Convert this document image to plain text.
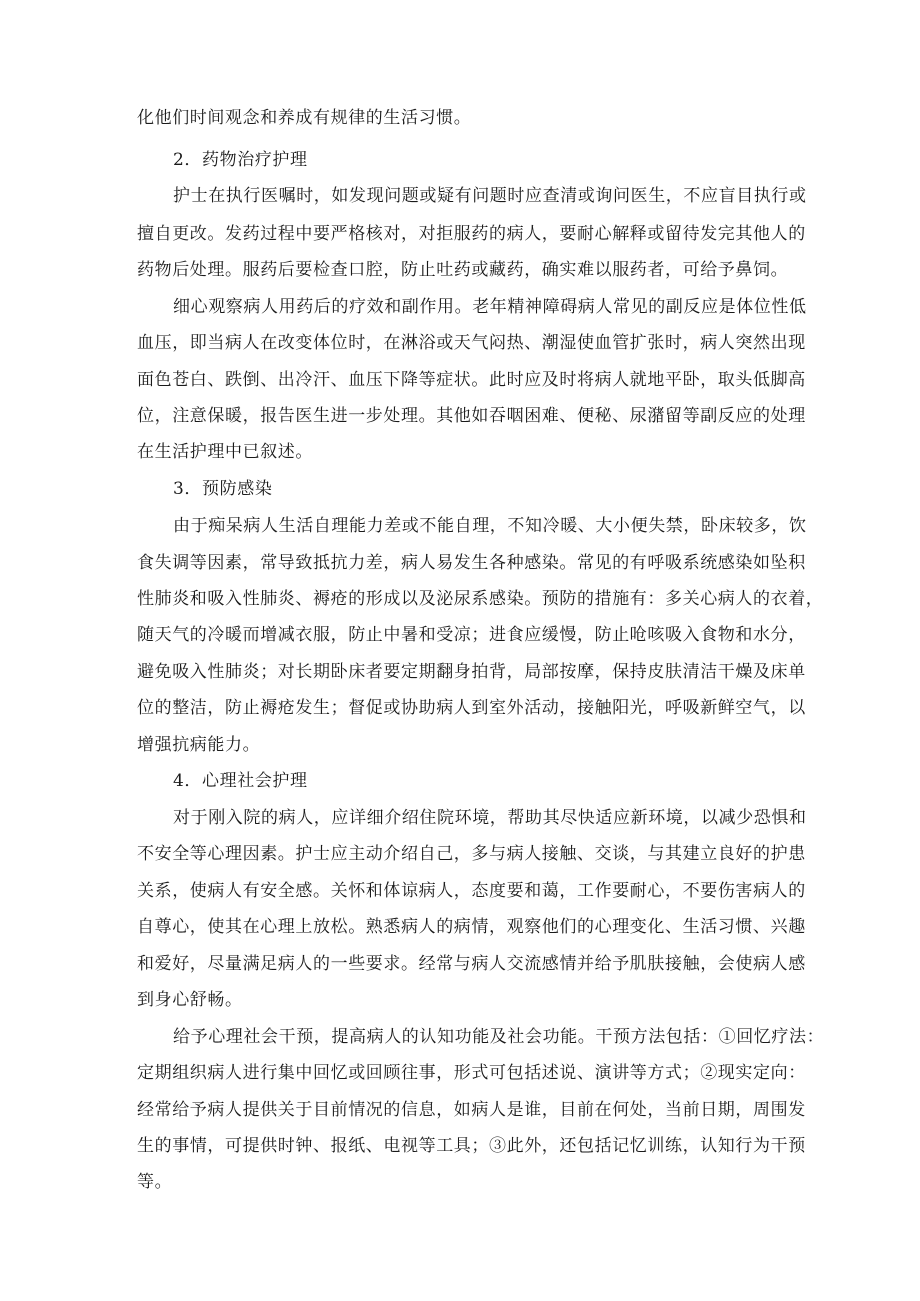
化他们时间观念和养成有规律的生活习惯。
2．药物治疗护理
护士在执行医嘱时，如发现问题或疑有问题时应查清或询问医生，不应盲目执行或
擅自更改。发药过程中要严格核对，对拒服药的病人，要耐心解释或留待发完其他人的
药物后处理。服药后要检查口腔，防止吐药或藏药，确实难以服药者，可给予鼻饲。
细心观察病人用药后的疗效和副作用。老年精神障碍病人常见的副反应是体位性低
血压，即当病人在改变体位时，在淋浴或天气闷热、潮湿使血管扩张时，病人突然出现
面色苍白、跌倒、出冷汗、血压下降等症状。此时应及时将病人就地平卧，取头低脚高
位，注意保暖，报告医生进一步处理。其他如吞咽困难、便秘、尿潴留等副反应的处理
在生活护理中已叙述。
3．预防感染
由于痴呆病人生活自理能力差或不能自理，不知冷暖、大小便失禁，卧床较多，饮
食失调等因素，常导致抵抗力差，病人易发生各种感染。常见的有呼吸系统感染如坠积
性肺炎和吸入性肺炎、褥疮的形成以及泌尿系感染。预防的措施有：多关心病人的衣着，
随天气的冷暖而增减衣服，防止中暑和受凉；进食应缓慢，防止呛咳吸入食物和水分，
避免吸入性肺炎；对长期卧床者要定期翻身拍背，局部按摩，保持皮肤清洁干燥及床单
位的整洁，防止褥疮发生；督促或协助病人到室外活动，接触阳光，呼吸新鲜空气，以
增强抗病能力。
4．心理社会护理
对于刚入院的病人，应详细介绍住院环境，帮助其尽快适应新环境，以减少恐惧和
不安全等心理因素。护士应主动介绍自己，多与病人接触、交谈，与其建立良好的护患
关系，使病人有安全感。关怀和体谅病人，态度要和蔼，工作要耐心，不要伤害病人的
自尊心，使其在心理上放松。熟悉病人的病情，观察他们的心理变化、生活习惯、兴趣
和爱好，尽量满足病人的一些要求。经常与病人交流感情并给予肌肤接触，会使病人感
到身心舒畅。
给予心理社会干预，提高病人的认知功能及社会功能。干预方法包括：①回忆疗法：
定期组织病人进行集中回忆或回顾往事，形式可包括述说、演讲等方式；②现实定向：
经常给予病人提供关于目前情况的信息，如病人是谁，目前在何处，当前日期，周围发
生的事情，可提供时钟、报纸、电视等工具；③此外，还包括记忆训练，认知行为干预
等。
